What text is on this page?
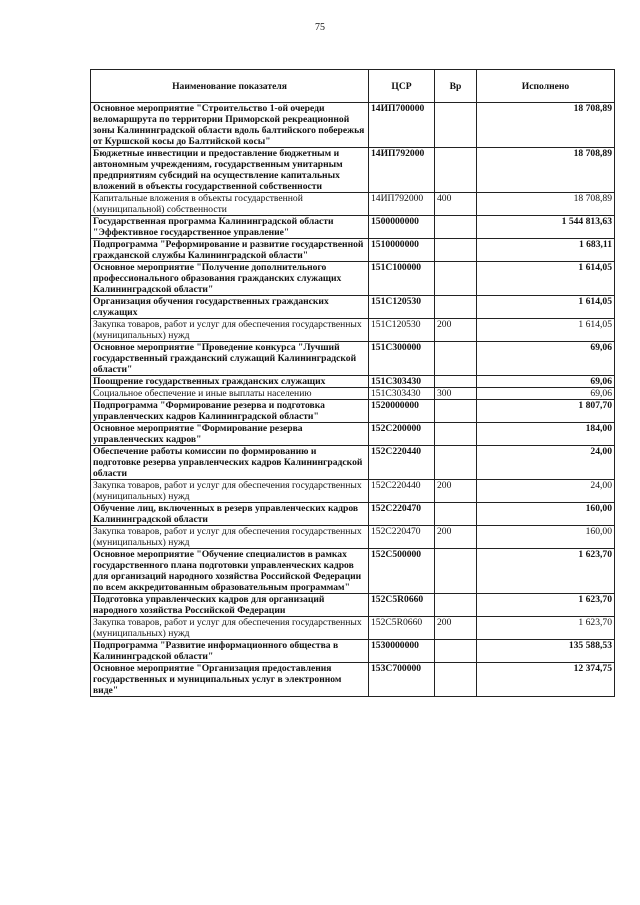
75
Наименование показателя	ЦСР	Вр	Исполнено
Основное мероприятие "Строительство 1-ой очереди веломаршрута по территории Приморской рекреационной зоны Калининградской области вдоль балтийского побережья от Куршской косы до Балтийской косы"	14ИП700000		18 708,89
Бюджетные инвестиции и предоставление бюджетным и автономным учреждениям, государственным унитарным предприятиям субсидий на осуществление капитальных вложений в объекты государственной собственности	14ИП792000		18 708,89
Капитальные вложения в объекты государственной (муниципальной) собственности	14ИП792000	400	18 708,89
Государственная программа Калининградской области "Эффективное государственное управление"	1500000000		1 544 813,63
Подпрограмма "Реформирование и развитие государственной гражданской службы Калининградской области"	1510000000		1 683,11
Основное мероприятие "Получение дополнительного профессионального образования гражданских служащих Калининградской области"	151С100000		1 614,05
Организация обучения государственных гражданских служащих	151С120530		1 614,05
Закупка товаров, работ и услуг для обеспечения государственных (муниципальных) нужд	151С120530	200	1 614,05
Основное мероприятие "Проведение конкурса "Лучший государственный гражданский служащий Калининградской области"	151С300000		69,06
Поощрение государственных гражданских служащих	151С303430		69,06
Социальное обеспечение и иные выплаты населению	151С303430	300	69,06
Подпрограмма "Формирование резерва и подготовка управленческих кадров Калининградской области"	1520000000		1 807,70
Основное мероприятие "Формирование резерва управленческих кадров"	152С200000		184,00
Обеспечение работы комиссии по формированию и подготовке резерва управленческих кадров Калининградской области	152С220440		24,00
Закупка товаров, работ и услуг для обеспечения государственных (муниципальных) нужд	152С220440	200	24,00
Обучение лиц, включенных в резерв управленческих кадров Калининградской области	152С220470		160,00
Закупка товаров, работ и услуг для обеспечения государственных (муниципальных) нужд	152С220470	200	160,00
Основное мероприятие "Обучение специалистов в рамках государственного плана подготовки управленческих кадров для организаций народного хозяйства Российской Федерации по всем аккредитованным образовательным программам"	152С500000		1 623,70
Подготовка управленческих кадров для организаций народного хозяйства Российской Федерации	152С5R0660		1 623,70
Закупка товаров, работ и услуг для обеспечения государственных (муниципальных) нужд	152С5R0660	200	1 623,70
Подпрограмма "Развитие информационного общества в Калининградской области"	1530000000		135 588,53
Основное мероприятие "Организация предоставления государственных и муниципальных услуг в электронном виде"	153С700000		12 374,75
